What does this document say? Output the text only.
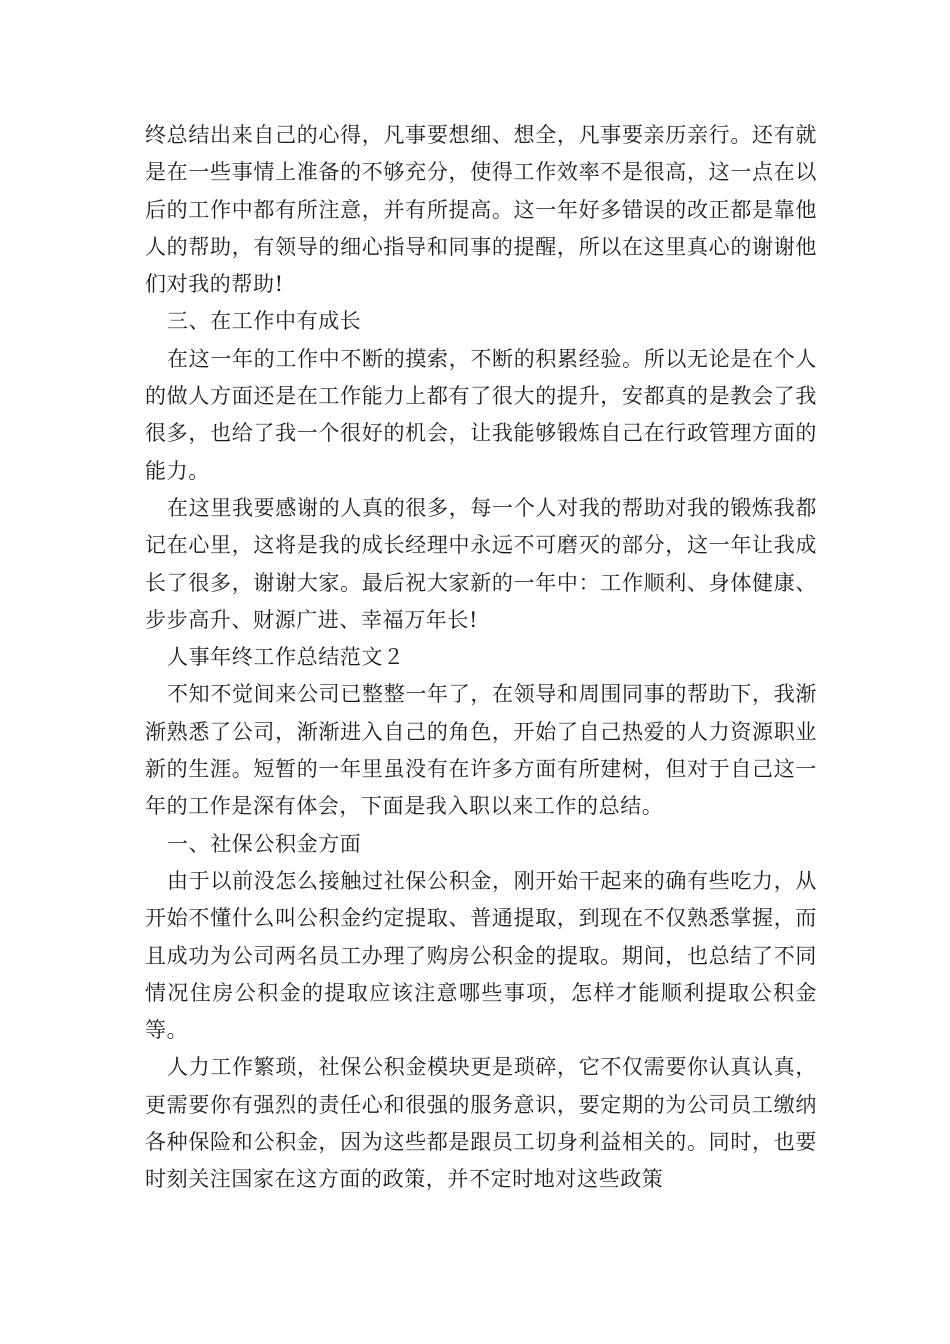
终总结出来自己的心得，凡事要想细、想全，凡事要亲历亲行。还有就是在一些事情上准备的不够充分，使得工作效率不是很高，这一点在以后的工作中都有所注意，并有所提高。这一年好多错误的改正都是靠他人的帮助，有领导的细心指导和同事的提醒，所以在这里真心的谢谢他们对我的帮助!

三、在工作中有成长

在这一年的工作中不断的摸索，不断的积累经验。所以无论是在个人的做人方面还是在工作能力上都有了很大的提升，安都真的是教会了我很多，也给了我一个很好的机会，让我能够锻炼自己在行政管理方面的能力。

在这里我要感谢的人真的很多，每一个人对我的帮助对我的锻炼我都记在心里，这将是我的成长经理中永远不可磨灭的部分，这一年让我成长了很多，谢谢大家。最后祝大家新的一年中：工作顺利、身体健康、步步高升、财源广进、幸福万年长!

人事年终工作总结范文２

不知不觉间来公司已整整一年了，在领导和周围同事的帮助下，我渐渐熟悉了公司，渐渐进入自己的角色，开始了自己热爱的人力资源职业新的生涯。短暂的一年里虽没有在许多方面有所建树，但对于自己这一年的工作是深有体会，下面是我入职以来工作的总结。

一、社保公积金方面

由于以前没怎么接触过社保公积金，刚开始干起来的确有些吃力，从开始不懂什么叫公积金约定提取、普通提取，到现在不仅熟悉掌握，而且成功为公司两名员工办理了购房公积金的提取。期间，也总结了不同情况住房公积金的提取应该注意哪些事项，怎样才能顺利提取公积金等。

人力工作繁琐，社保公积金模块更是琐碎，它不仅需要你认真认真，更需要你有强烈的责任心和很强的服务意识，要定期的为公司员工缴纳各种保险和公积金，因为这些都是跟员工切身利益相关的。同时，也要时刻关注国家在这方面的政策，并不定时地对这些政策
